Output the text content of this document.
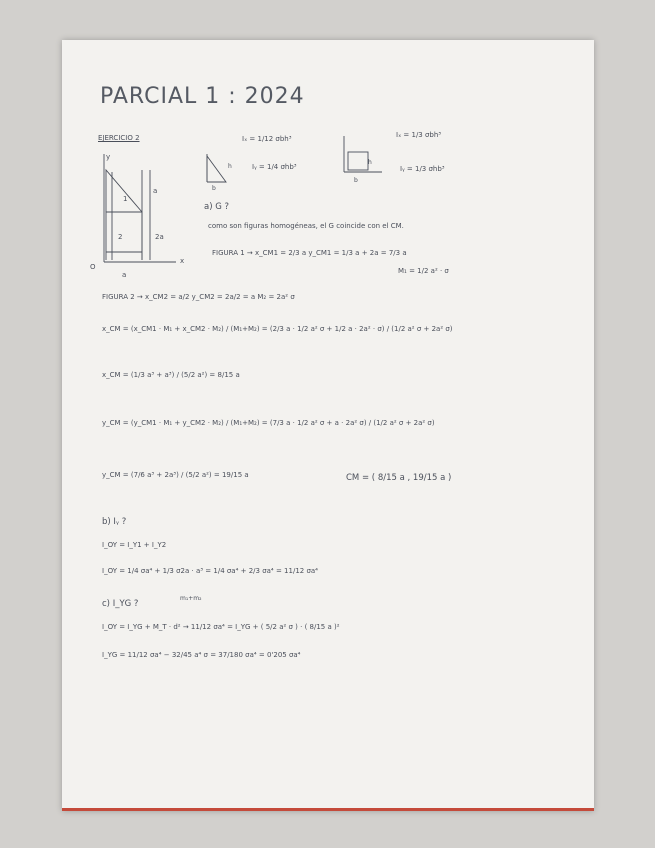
PARCIAL 1 : 2024
EJERCICIO 2
h
b
Iₓ = 1/12 σbh³
Iᵧ = 1/4 σhb³
h
b
Iₓ = 1/3 σbh³
Iᵧ = 1/3 σhb³
y
x
O
1
2
a
2a
a
a) G ?
como son figuras homogéneas, el G coincide con el CM.
FIGURA 1 → x_CM1 = 2/3 a y_CM1 = 1/3 a + 2a = 7/3 a
M₁ = 1/2 a² · σ
FIGURA 2 → x_CM2 = a/2 y_CM2 = 2a/2 = a M₂ = 2a² σ
x_CM = (x_CM1 · M₁ + x_CM2 · M₂) / (M₁+M₂) = (2/3 a · 1/2 a² σ + 1/2 a · 2a² · σ) / (1/2 a² σ + 2a² σ)
x_CM = (1/3 a³ + a³) / (5/2 a²) = 8/15 a
y_CM = (y_CM1 · M₁ + y_CM2 · M₂) / (M₁+M₂) = (7/3 a · 1/2 a² σ + a · 2a² σ) / (1/2 a² σ + 2a² σ)
y_CM = (7/6 a³ + 2a³) / (5/2 a²) = 19/15 a	CM = ( 8/15 a , 19/15 a )
b) Iᵧ ?
I_OY = I_Y1 + I_Y2
I_OY = 1/4 σa⁴ + 1/3 σ2a · a³ = 1/4 σa⁴ + 2/3 σa⁴ = 11/12 σa⁴
c) I_YG ?
m₁+m₂
I_OY = I_YG + M_T · d² → 11/12 σa⁴ = I_YG + ( 5/2 a² σ ) · ( 8/15 a )²
I_YG = 11/12 σa⁴ − 32/45 a⁴ σ = 37/180 σa⁴ = 0'205 σa⁴
